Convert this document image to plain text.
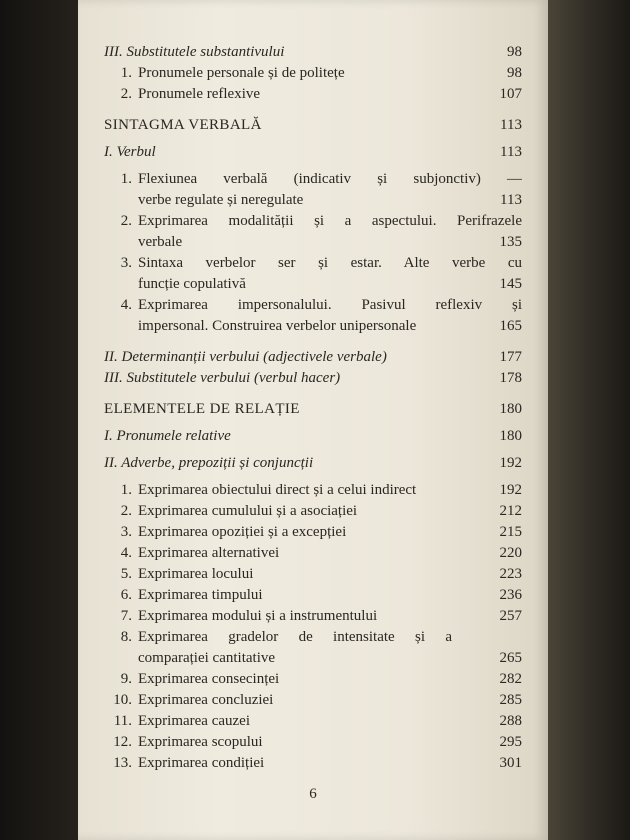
III. Substitutele substantivului	98
1. Pronumele personale și de politețe	98
2. Pronumele reflexive	107
SINTAGMA VERBALĂ	113
I. Verbul	113
1. Flexiunea verbală (indicativ și subjonctiv) —
verbe regulate și neregulate	113
2. Exprimarea modalității și a aspectului. Perifrazele
verbale	135
3. Sintaxa verbelor ser și estar. Alte verbe cu
funcție copulativă	145
4. Exprimarea impersonalului. Pasivul reflexiv și
impersonal. Construirea verbelor unipersonale	165
II. Determinanții verbului (adjectivele verbale)	177
III. Substitutele verbului (verbul hacer)	178
ELEMENTELE DE RELAȚIE	180
I. Pronumele relative	180
II. Adverbe, prepoziții și conjuncții	192
1. Exprimarea obiectului direct și a celui indirect	192
2. Exprimarea cumulului și a asociației	212
3. Exprimarea opoziției și a excepției	215
4. Exprimarea alternativei	220
5. Exprimarea locului	223
6. Exprimarea timpului	236
7. Exprimarea modului și a instrumentului	257
8. Exprimarea gradelor de intensitate și a
comparației cantitative	265
9. Exprimarea consecinței	282
10. Exprimarea concluziei	285
11. Exprimarea cauzei	288
12. Exprimarea scopului	295
13. Exprimarea condiției	301
6
